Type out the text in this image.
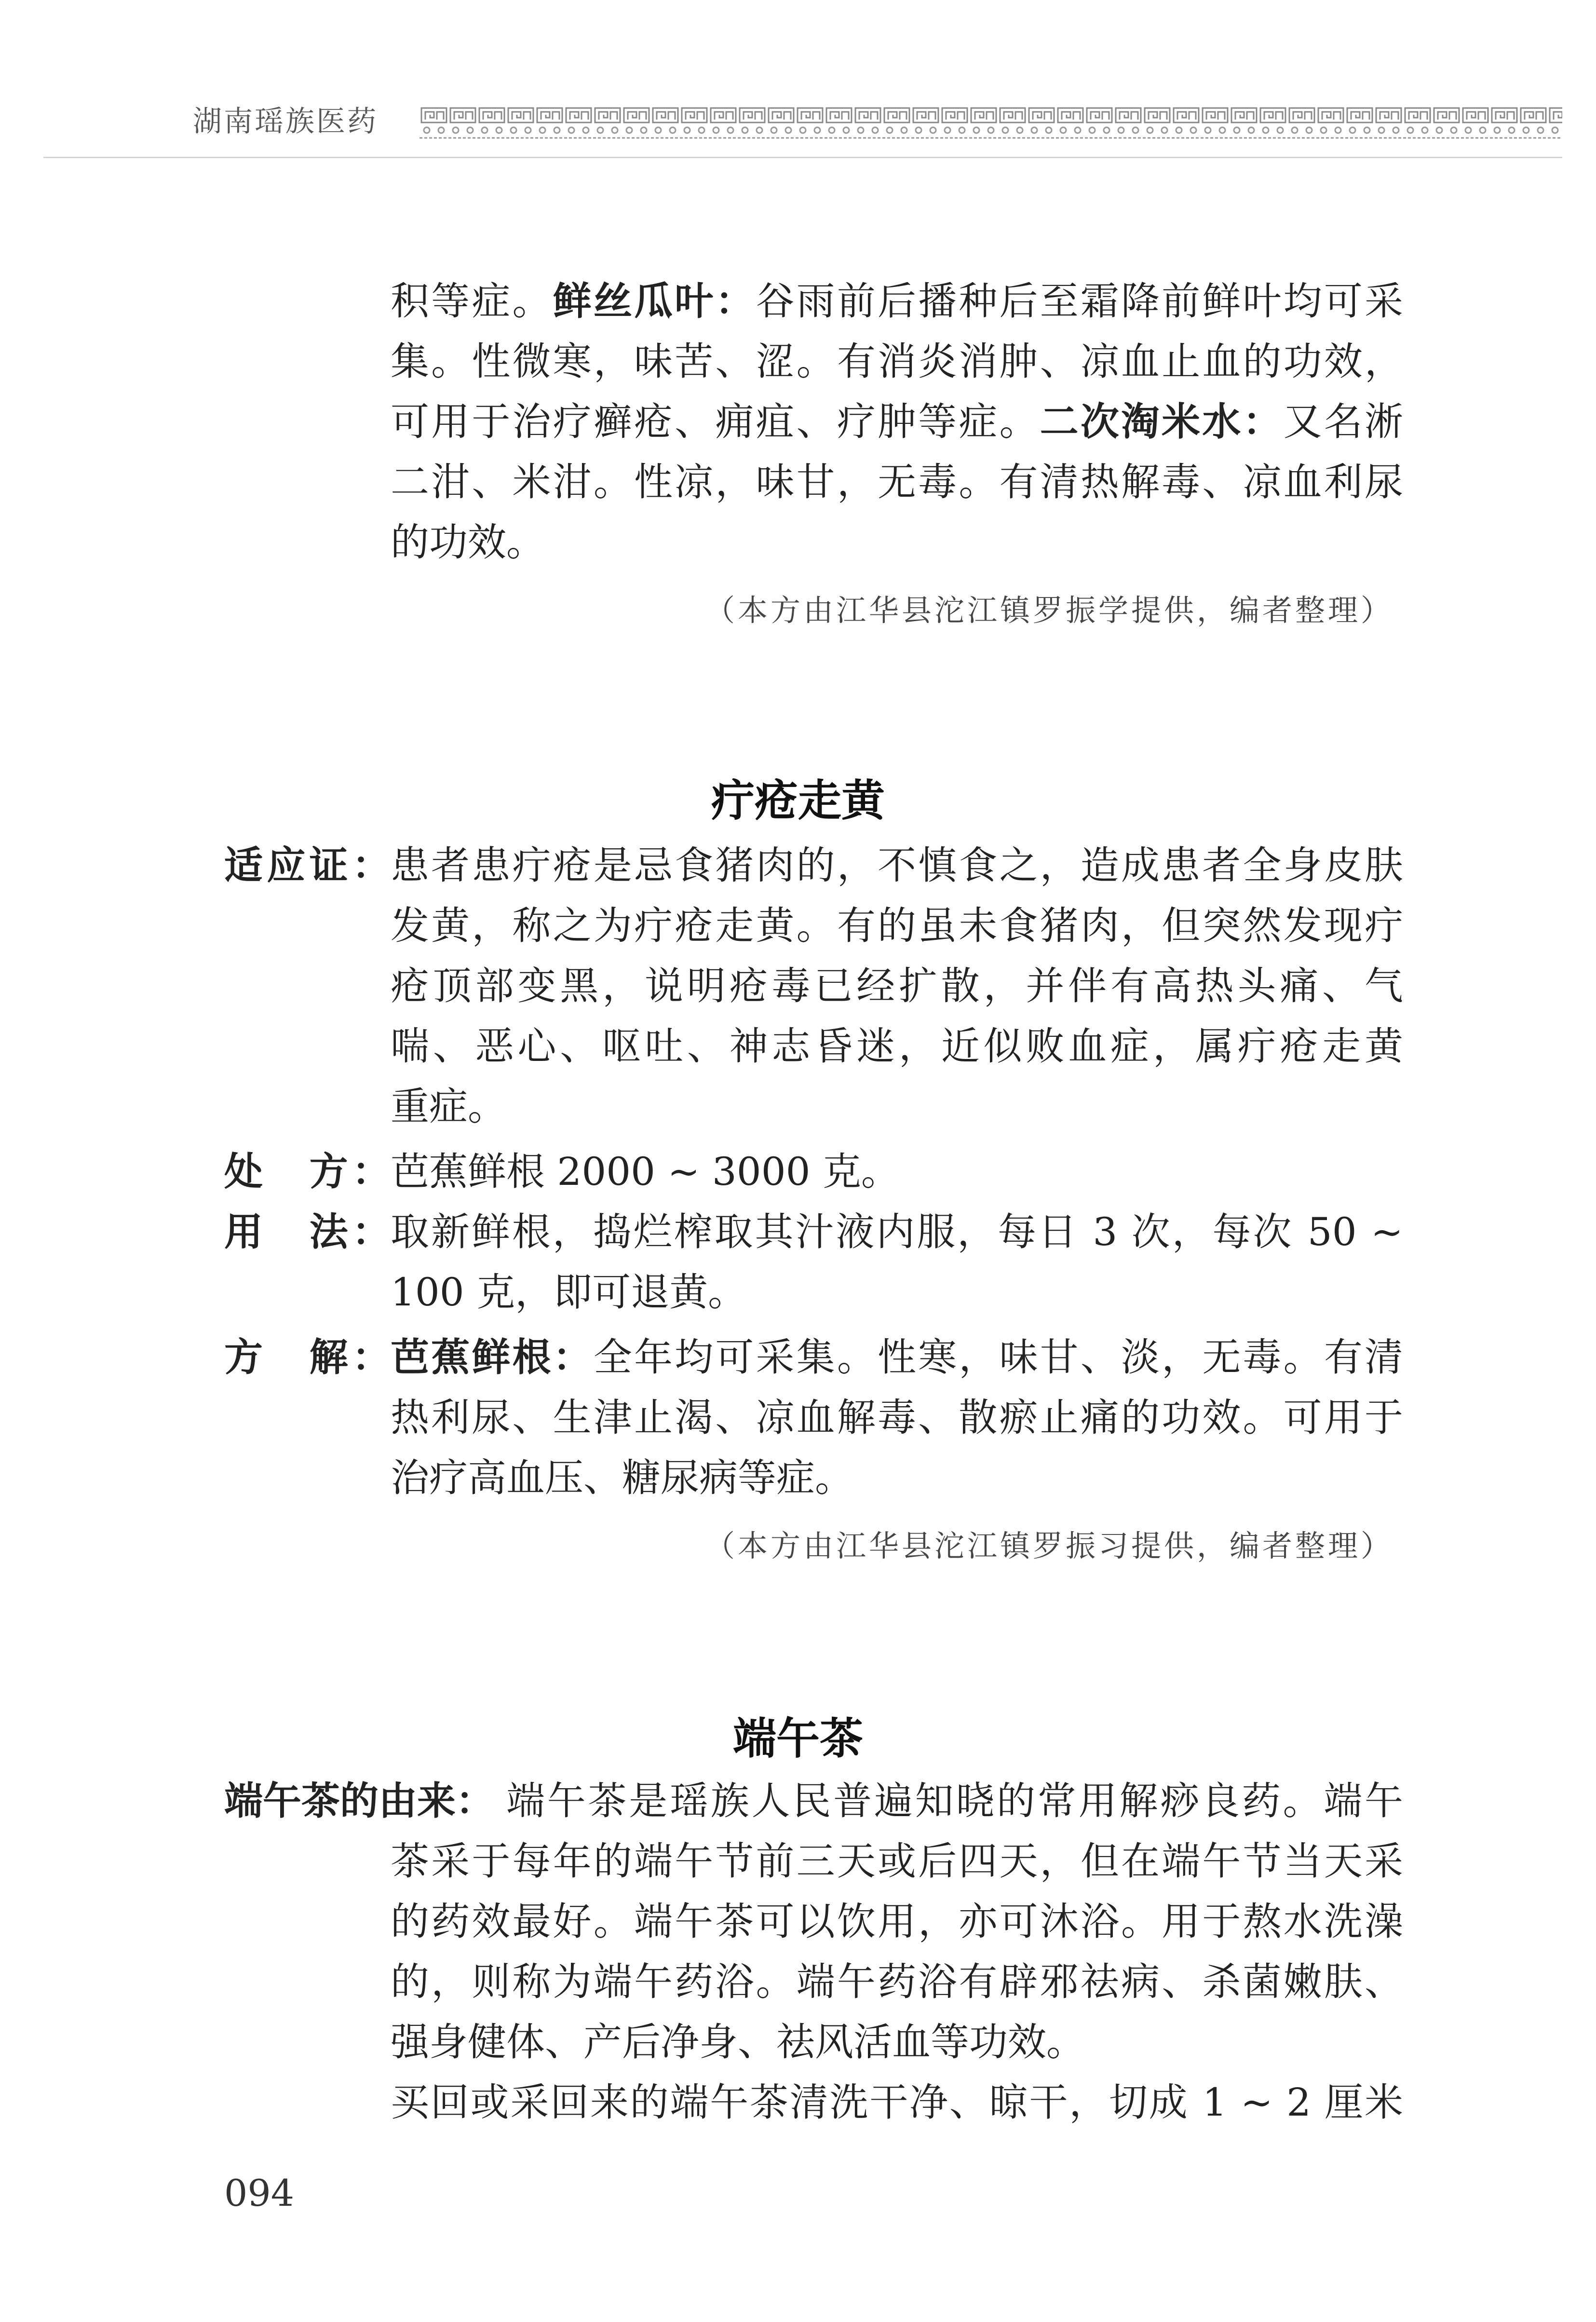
湖南瑶族医药
积等症。鲜丝瓜叶：谷雨前后播种后至霜降前鲜叶均可采
集。性微寒，味苦、涩。有消炎消肿、凉血止血的功效，
可用于治疗癣疮、痈疽、疗肿等症。二次淘米水：又名淅
二泔、米泔。性凉，味甘，无毒。有清热解毒、凉血利尿
的功效。
（本方由江华县沱江镇罗振学提供，编者整理）
疔疮走黄
适应证： 患者患疔疮是忌食猪肉的，不慎食之，造成患者全身皮肤
发黄，称之为疔疮走黄。有的虽未食猪肉，但突然发现疔
疮顶部变黑，说明疮毒已经扩散，并伴有高热头痛、气
喘、恶心、呕吐、神志昏迷，近似败血症，属疔疮走黄
重症。
处　方： 芭蕉鲜根 2000 ~ 3000 克。
用　法： 取新鲜根，捣烂榨取其汁液内服，每日 3 次，每次 50 ~
100 克，即可退黄。
方　解： 芭蕉鲜根：全年均可采集。性寒，味甘、淡，无毒。有清
热利尿、生津止渴、凉血解毒、散瘀止痛的功效。可用于
治疗高血压、糖尿病等症。
（本方由江华县沱江镇罗振习提供，编者整理）
端午茶
端午茶的由来： 端午茶是瑶族人民普遍知晓的常用解痧良药。端午
茶采于每年的端午节前三天或后四天，但在端午节当天采
的药效最好。端午茶可以饮用，亦可沐浴。用于熬水洗澡
的，则称为端午药浴。端午药浴有辟邪祛病、杀菌嫩肤、
强身健体、产后净身、祛风活血等功效。
买回或采回来的端午茶清洗干净、晾干，切成 1 ~ 2 厘米
094
